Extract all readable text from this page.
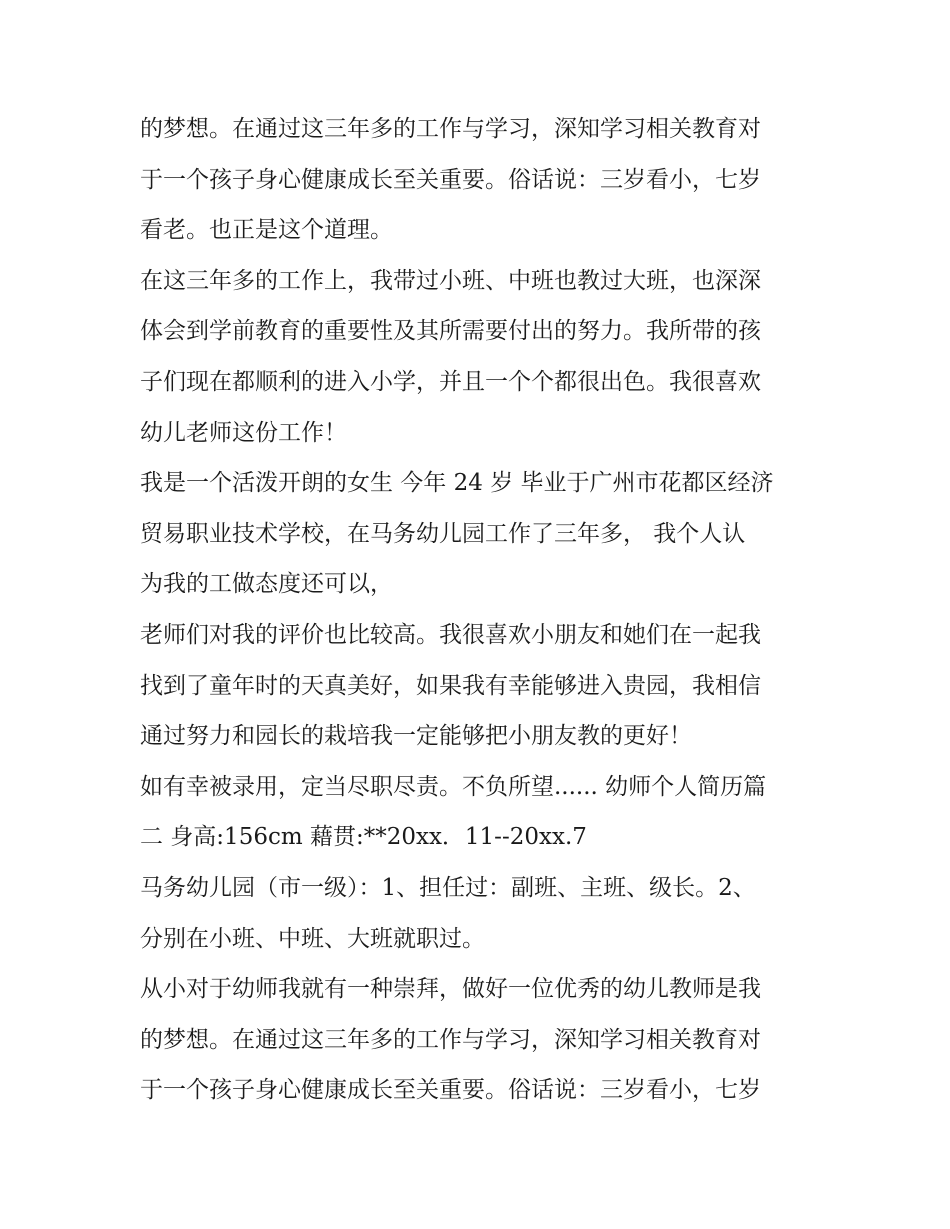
的梦想。在通过这三年多的工作与学习，深知学习相关教育对
于一个孩子身心健康成长至关重要。俗话说：三岁看小，七岁
看老。也正是这个道理。
在这三年多的工作上，我带过小班、中班也教过大班，也深深
体会到学前教育的重要性及其所需要付出的努力。我所带的孩
子们现在都顺利的进入小学，并且一个个都很出色。我很喜欢
幼儿老师这份工作！
我是一个活泼开朗的女生 今年 24 岁 毕业于广州市花都区经济
贸易职业技术学校，在马务幼儿园工作了三年多， 我个人认
为我的工做态度还可以，
老师们对我的评价也比较高。我很喜欢小朋友和她们在一起我
找到了童年时的天真美好，如果我有幸能够进入贵园，我相信
通过努力和园长的栽培我一定能够把小朋友教的更好！
如有幸被录用，定当尽职尽责。不负所望...... 幼师个人简历篇
二 身高:156cm 藉贯:**20xx．11--20xx.7
马务幼儿园（市一级）：1、担任过：副班、主班、级长。2、
分别在小班、中班、大班就职过。
从小对于幼师我就有一种崇拜，做好一位优秀的幼儿教师是我
的梦想。在通过这三年多的工作与学习，深知学习相关教育对
于一个孩子身心健康成长至关重要。俗话说：三岁看小，七岁
